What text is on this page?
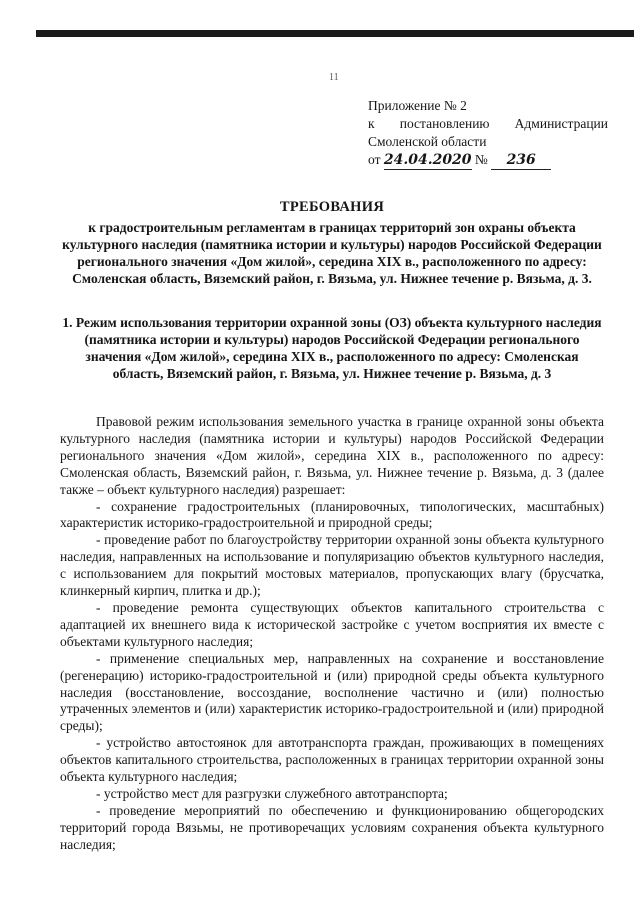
11
Приложение № 2
к постановлению Администрации
Смоленской области
от 24.04.2020 № 236
ТРЕБОВАНИЯ
к градостроительным регламентам в границах территорий зон охраны объекта культурного наследия (памятника истории и культуры) народов Российской Федерации регионального значения «Дом жилой», середина XIX в., расположенного по адресу: Смоленская область, Вяземский район, г. Вязьма, ул. Нижнее течение р. Вязьма, д. 3.
1. Режим использования территории охранной зоны (ОЗ) объекта культурного наследия (памятника истории и культуры) народов Российской Федерации регионального значения «Дом жилой», середина XIX в., расположенного по адресу: Смоленская область, Вяземский район, г. Вязьма, ул. Нижнее течение р. Вязьма, д. 3

Правовой режим использования земельного участка в границе охранной зоны объекта культурного наследия (памятника истории и культуры) народов Российской Федерации регионального значения «Дом жилой», середина XIX в., расположенного по адресу: Смоленская область, Вяземский район, г. Вязьма, ул. Нижнее течение р. Вязьма, д. 3 (далее также – объект культурного наследия) разрешает:

- сохранение градостроительных (планировочных, типологических, масштабных) характеристик историко-градостроительной и природной среды;

- проведение работ по благоустройству территории охранной зоны объекта культурного наследия, направленных на использование и популяризацию объектов культурного наследия, с использованием для покрытий мостовых материалов, пропускающих влагу (брусчатка, клинкерный кирпич, плитка и др.);

- проведение ремонта существующих объектов капитального строительства с адаптацией их внешнего вида к исторической застройке с учетом восприятия их вместе с объектами культурного наследия;

- применение специальных мер, направленных на сохранение и восстановление (регенерацию) историко-градостроительной и (или) природной среды объекта культурного наследия (восстановление, воссоздание, восполнение частично и (или) полностью утраченных элементов и (или) характеристик историко-градостроительной и (или) природной среды);

- устройство автостоянок для автотранспорта граждан, проживающих в помещениях объектов капитального строительства, расположенных в границах территории охранной зоны объекта культурного наследия;

- устройство мест для разгрузки служебного автотранспорта;

- проведение мероприятий по обеспечению и функционированию общегородских территорий города Вязьмы, не противоречащих условиям сохранения объекта культурного наследия;
